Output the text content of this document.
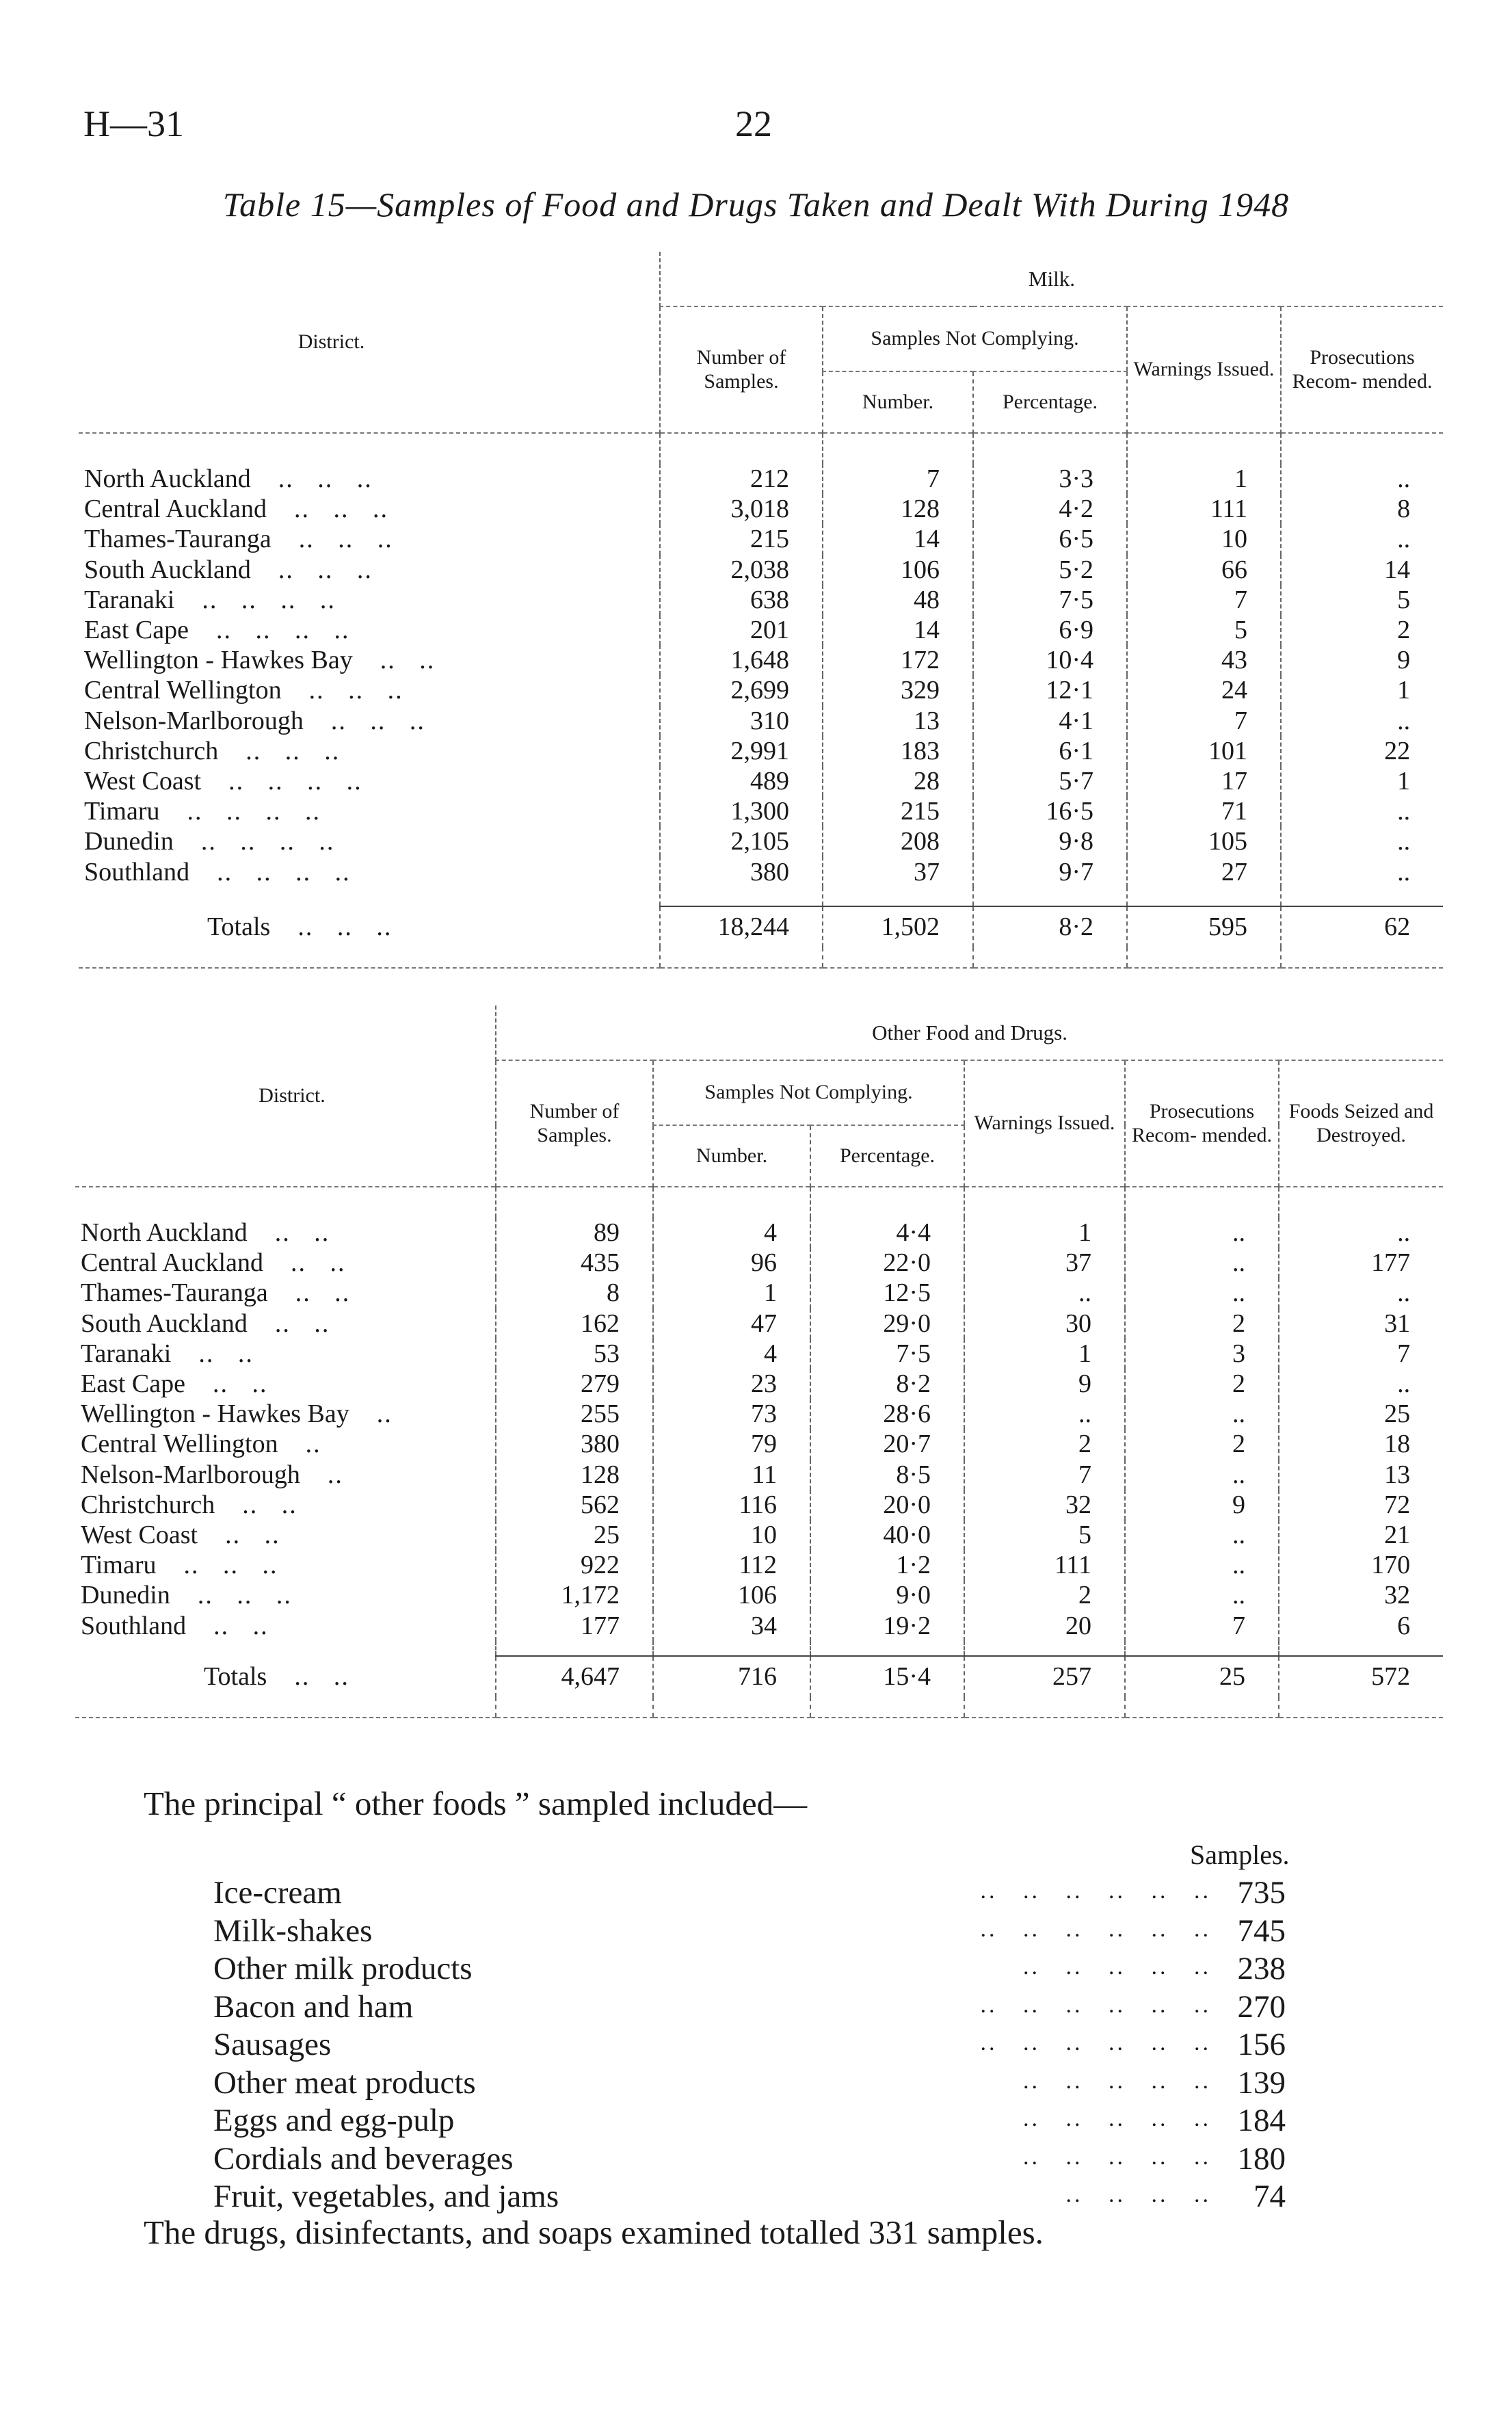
H—31	22
Table 15—Samples of Food and Drugs Taken and Dealt With During 1948
District.	Milk.				
	Number of Samples.	Samples Not Complying.		Warnings Issued.	Prosecutions Recom- mended.
		Number.	Percentage.		

North Auckland ..   ..   ..	212	7	3·3	1	..
Central Auckland ..   ..   ..	3,018	128	4·2	111	8
Thames-Tauranga ..   ..   ..	215	14	6·5	10	..
South Auckland ..   ..   ..	2,038	106	5·2	66	14
Taranaki ..   ..   ..   ..	638	48	7·5	7	5
East Cape ..   ..   ..   ..	201	14	6·9	5	2
Wellington - Hawkes Bay ..   ..	1,648	172	10·4	43	9
Central Wellington ..   ..   ..	2,699	329	12·1	24	1
Nelson-Marlborough ..   ..   ..	310	13	4·1	7	..
Christchurch ..   ..   ..	2,991	183	6·1	101	22
West Coast ..   ..   ..   ..	489	28	5·7	17	1
Timaru ..   ..   ..   ..	1,300	215	16·5	71	..
Dunedin ..   ..   ..   ..	2,105	208	9·8	105	..
Southland ..   ..   ..   ..	380	37	9·7	27	..

Totals ..   ..   ..	18,244	1,502	8·2	595	62

District.	Other Food and Drugs.					
	Number of Samples.	Samples Not Complying.		Warnings Issued.	Prosecutions Recom- mended.	Foods Seized and Destroyed.
		Number.	Percentage.			

North Auckland ..   ..	89	4	4·4	1	..	..
Central Auckland ..   ..	435	96	22·0	37	..	177
Thames-Tauranga ..   ..	8	1	12·5	..	..	..
South Auckland ..   ..	162	47	29·0	30	2	31
Taranaki ..   ..	53	4	7·5	1	3	7
East Cape ..   ..	279	23	8·2	9	2	..
Wellington - Hawkes Bay ..	255	73	28·6	..	..	25
Central Wellington ..	380	79	20·7	2	2	18
Nelson-Marlborough ..	128	11	8·5	7	..	13
Christchurch ..   ..	562	116	20·0	32	9	72
West Coast ..   ..	25	10	40·0	5	..	21
Timaru ..   ..   ..	922	112	1·2	111	..	170
Dunedin ..   ..   ..	1,172	106	9·0	2	..	32
Southland ..   ..	177	34	19·2	20	7	6

Totals ..   ..	4,647	716	15·4	257	25	572

The principal “ other foods ” sampled included—
Samples.
Ice-cream	..   ..   ..   ..   ..   .. 735
Milk-shakes	..   ..   ..   ..   ..   .. 745
Other milk products	..   ..   ..   ..   .. 238
Bacon and ham	..   ..   ..   ..   ..   .. 270
Sausages	..   ..   ..   ..   ..   .. 156
Other meat products	..   ..   ..   ..   .. 139
Eggs and egg-pulp	..   ..   ..   ..   .. 184
Cordials and beverages	..   ..   ..   ..   .. 180
Fruit, vegetables, and jams	..   ..   ..   .. 74
The drugs, disinfectants, and soaps examined totalled 331 samples.
